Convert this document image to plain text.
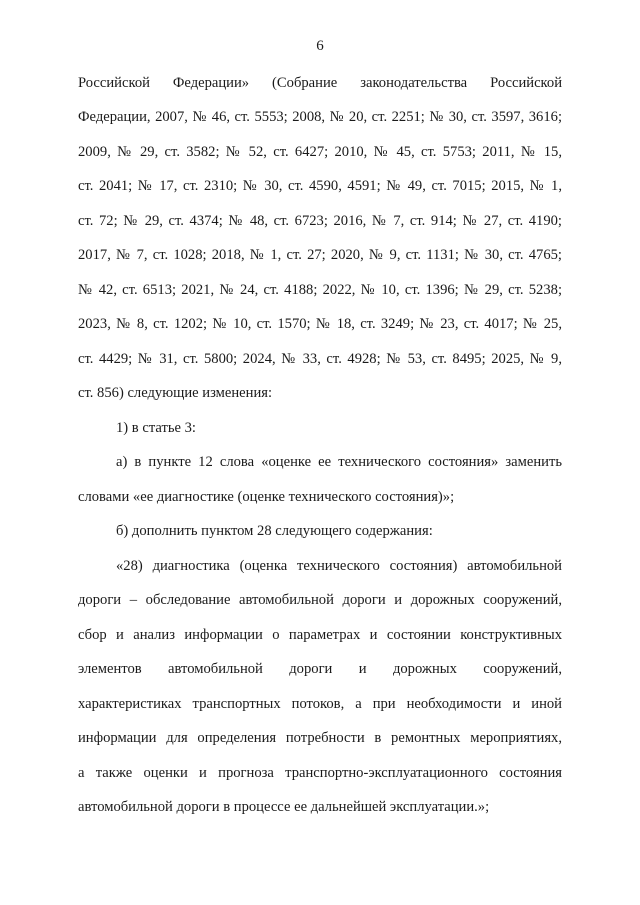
6
Российской Федерации» (Собрание законодательства Российской
Федерации, 2007, № 46, ст. 5553; 2008, № 20, ст. 2251; № 30, ст. 3597, 3616;
2009, № 29, ст. 3582; № 52, ст. 6427; 2010, № 45, ст. 5753; 2011, № 15,
ст. 2041; № 17, ст. 2310; № 30, ст. 4590, 4591; № 49, ст. 7015; 2015, № 1,
ст. 72; № 29, ст. 4374; № 48, ст. 6723; 2016, № 7, ст. 914; № 27, ст. 4190;
2017, № 7, ст. 1028; 2018, № 1, ст. 27; 2020, № 9, ст. 1131; № 30, ст. 4765;
№ 42, ст. 6513; 2021, № 24, ст. 4188; 2022, № 10, ст. 1396; № 29, ст. 5238;
2023, № 8, ст. 1202; № 10, ст. 1570; № 18, ст. 3249; № 23, ст. 4017; № 25,
ст. 4429; № 31, ст. 5800; 2024, № 33, ст. 4928; № 53, ст. 8495; 2025, № 9,
ст. 856) следующие изменения:
1) в статье 3:
а) в пункте 12 слова «оценке ее технического состояния» заменить
словами «ее диагностике (оценке технического состояния)»;
б) дополнить пунктом 28 следующего содержания:
«28) диагностика (оценка технического состояния) автомобильной
дороги – обследование автомобильной дороги и дорожных сооружений,
сбор и анализ информации о параметрах и состоянии конструктивных
элементов автомобильной дороги и дорожных сооружений,
характеристиках транспортных потоков, а при необходимости и иной
информации для определения потребности в ремонтных мероприятиях,
а также оценки и прогноза транспортно-эксплуатационного состояния
автомобильной дороги в процессе ее дальнейшей эксплуатации.»;
